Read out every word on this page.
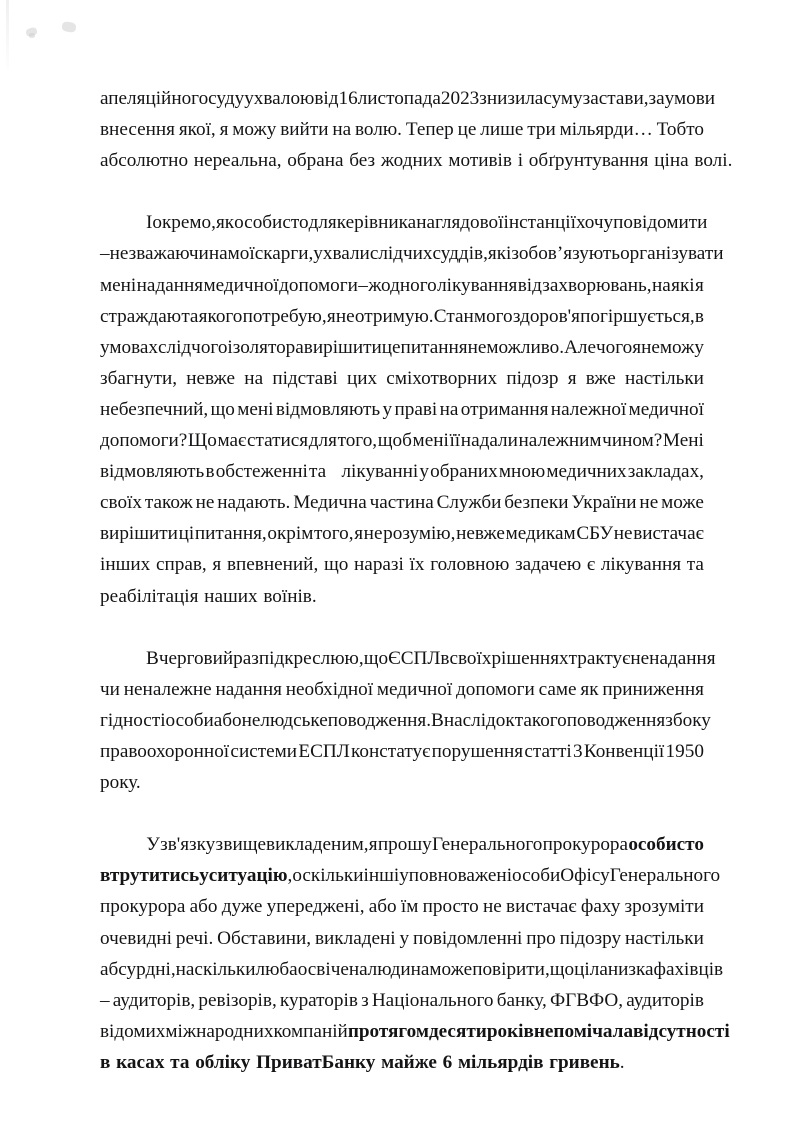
апеляційного суду ухвалою від 16 листопада 2023 знизила суму застави, за умови
внесення якої, я можу вийти на волю. Тепер це лише три мільярди… Тобто
абсолютно нереальна, обрана без жодних мотивів і обґрунтування ціна волі.
І окремо, як особисто для керівника наглядової інстанції хочу повідомити
– незважаючи на мої скарги, ухвали слідчих суддів, які зобов’язують організувати
мені надання медичної допомоги – жодного лікування від захворювань, на які я
страждаю та якого потребую, я не отримую. Стан мого здоров'я погіршується, в
умовах слідчого ізолятора вирішити це питання неможливо. Але чого я не можу
збагнути, невже на підставі цих сміхотворних підозр я вже настільки
небезпечний, що мені відмовляють у праві на отримання належної медичної
допомоги? Що має статися для того, щоб мені її надали належним чином? Мені
відмовляють в обстеженні та лікуванні у обраних мною медичних закладах,
своїх також не надають. Медична частина Служби безпеки України не може
вирішити ці питання, окрім того, я не розумію, невже медикам СБУ не вистачає
інших справ, я впевнений, що наразі їх головною задачею є лікування та
реабілітація наших воїнів.
В черговий раз підкреслюю, що ЄСПЛ в своїх рішеннях трактує ненадання
чи неналежне надання необхідної медичної допомоги саме як приниження
гідності особи або нелюдське поводження. Внаслідок такого поводження з боку
правоохоронної системи ЕСПЛ констатує порушення статті 3 Конвенції 1950
року.
У зв'язку з вищевикладеним, я прошу Генерального прокурора особисто
втрутитись у ситуацію, оскільки інші уповноважені особи Офісу Генерального
прокурора або дуже упереджені, або їм просто не вистачає фаху зрозуміти
очевидні речі. Обставини, викладені у повідомленні про підозру настільки
абсурдні, наскільки люба освічена людина може повірити, що ціла низка фахівців
– аудиторів, ревізорів, кураторів з Національного банку, ФГВФО, аудиторів
відомих міжнародних компаній протягом десяти років не помічала відсутності
в касах та обліку ПриватБанку майже 6 мільярдів гривень.
